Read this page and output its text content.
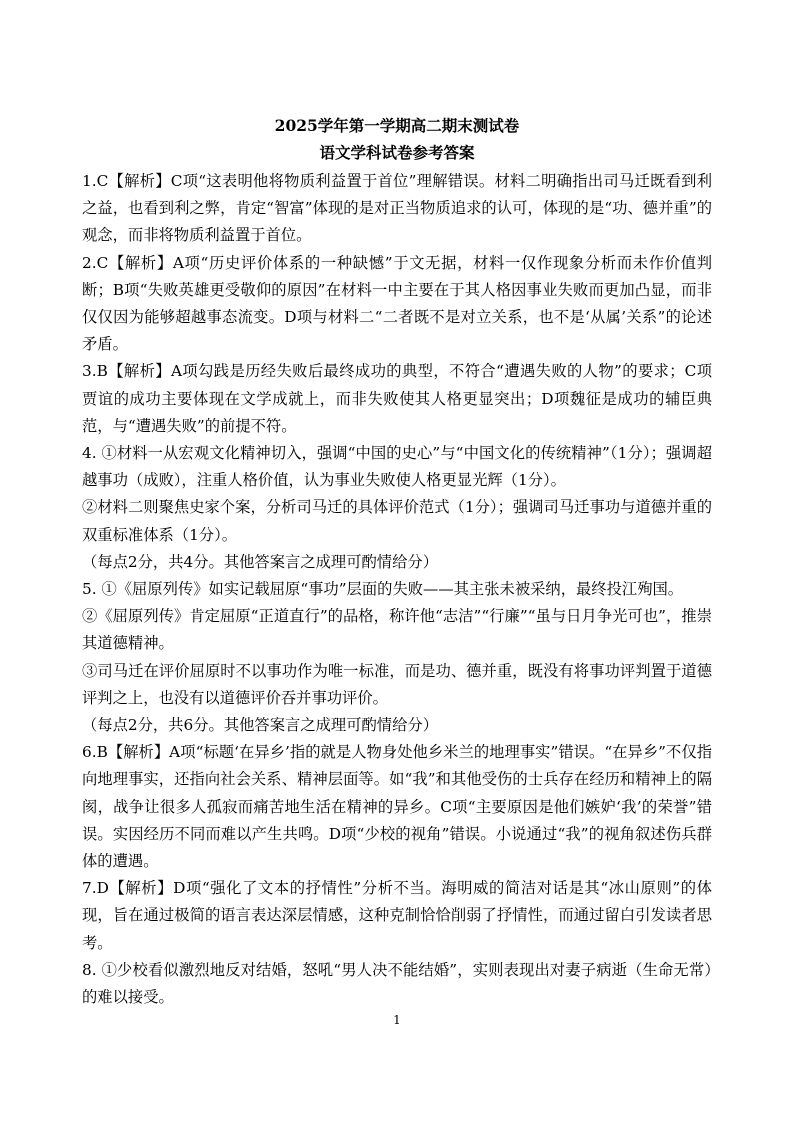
2025学年第一学期高二期末测试卷
语文学科试卷参考答案

1.C【解析】C项“这表明他将物质利益置于首位”理解错误。材料二明确指出司马迁既看到利之益，也看到利之弊，肯定“智富”体现的是对正当物质追求的认可，体现的是“功、德并重”的观念，而非将物质利益置于首位。

2.C【解析】A项“历史评价体系的一种缺憾”于文无据，材料一仅作现象分析而未作价值判断；B项“失败英雄更受敬仰的原因”在材料一中主要在于其人格因事业失败而更加凸显，而非仅仅因为能够超越事态流变。D项与材料二“二者既不是对立关系，也不是‘从属’关系”的论述矛盾。

3.B【解析】A项勾践是历经失败后最终成功的典型，不符合“遭遇失败的人物”的要求；C项贾谊的成功主要体现在文学成就上，而非失败使其人格更显突出；D项魏征是成功的辅臣典范，与“遭遇失败”的前提不符。

4. ①材料一从宏观文化精神切入，强调“中国的史心”与“中国文化的传统精神”（1分）；强调超越事功（成败），注重人格价值，认为事业失败使人格更显光辉（1分）。

②材料二则聚焦史家个案，分析司马迁的具体评价范式（1分）；强调司马迁事功与道德并重的双重标准体系（1分）。

（每点2分，共4分。其他答案言之成理可酌情给分）

5. ①《屈原列传》如实记载屈原“事功”层面的失败——其主张未被采纳，最终投江殉国。

②《屈原列传》肯定屈原“正道直行”的品格，称许他“志洁”“行廉”“虽与日月争光可也”，推崇其道德精神。

③司马迁在评价屈原时不以事功作为唯一标准，而是功、德并重，既没有将事功评判置于道德评判之上，也没有以道德评价吞并事功评价。

（每点2分，共6分。其他答案言之成理可酌情给分）

6.B【解析】A项“标题‘在异乡’指的就是人物身处他乡米兰的地理事实”错误。“在异乡”不仅指向地理事实，还指向社会关系、精神层面等。如“我”和其他受伤的士兵存在经历和精神上的隔阂，战争让很多人孤寂而痛苦地生活在精神的异乡。C项“主要原因是他们嫉妒‘我’的荣誉”错误。实因经历不同而难以产生共鸣。D项“少校的视角”错误。小说通过“我”的视角叙述伤兵群体的遭遇。

7.D【解析】D项“强化了文本的抒情性”分析不当。海明威的简洁对话是其“冰山原则”的体现，旨在通过极简的语言表达深层情感，这种克制恰恰削弱了抒情性，而通过留白引发读者思考。

8. ①少校看似激烈地反对结婚，怒吼“男人决不能结婚”，实则表现出对妻子病逝（生命无常）的难以接受。

1
